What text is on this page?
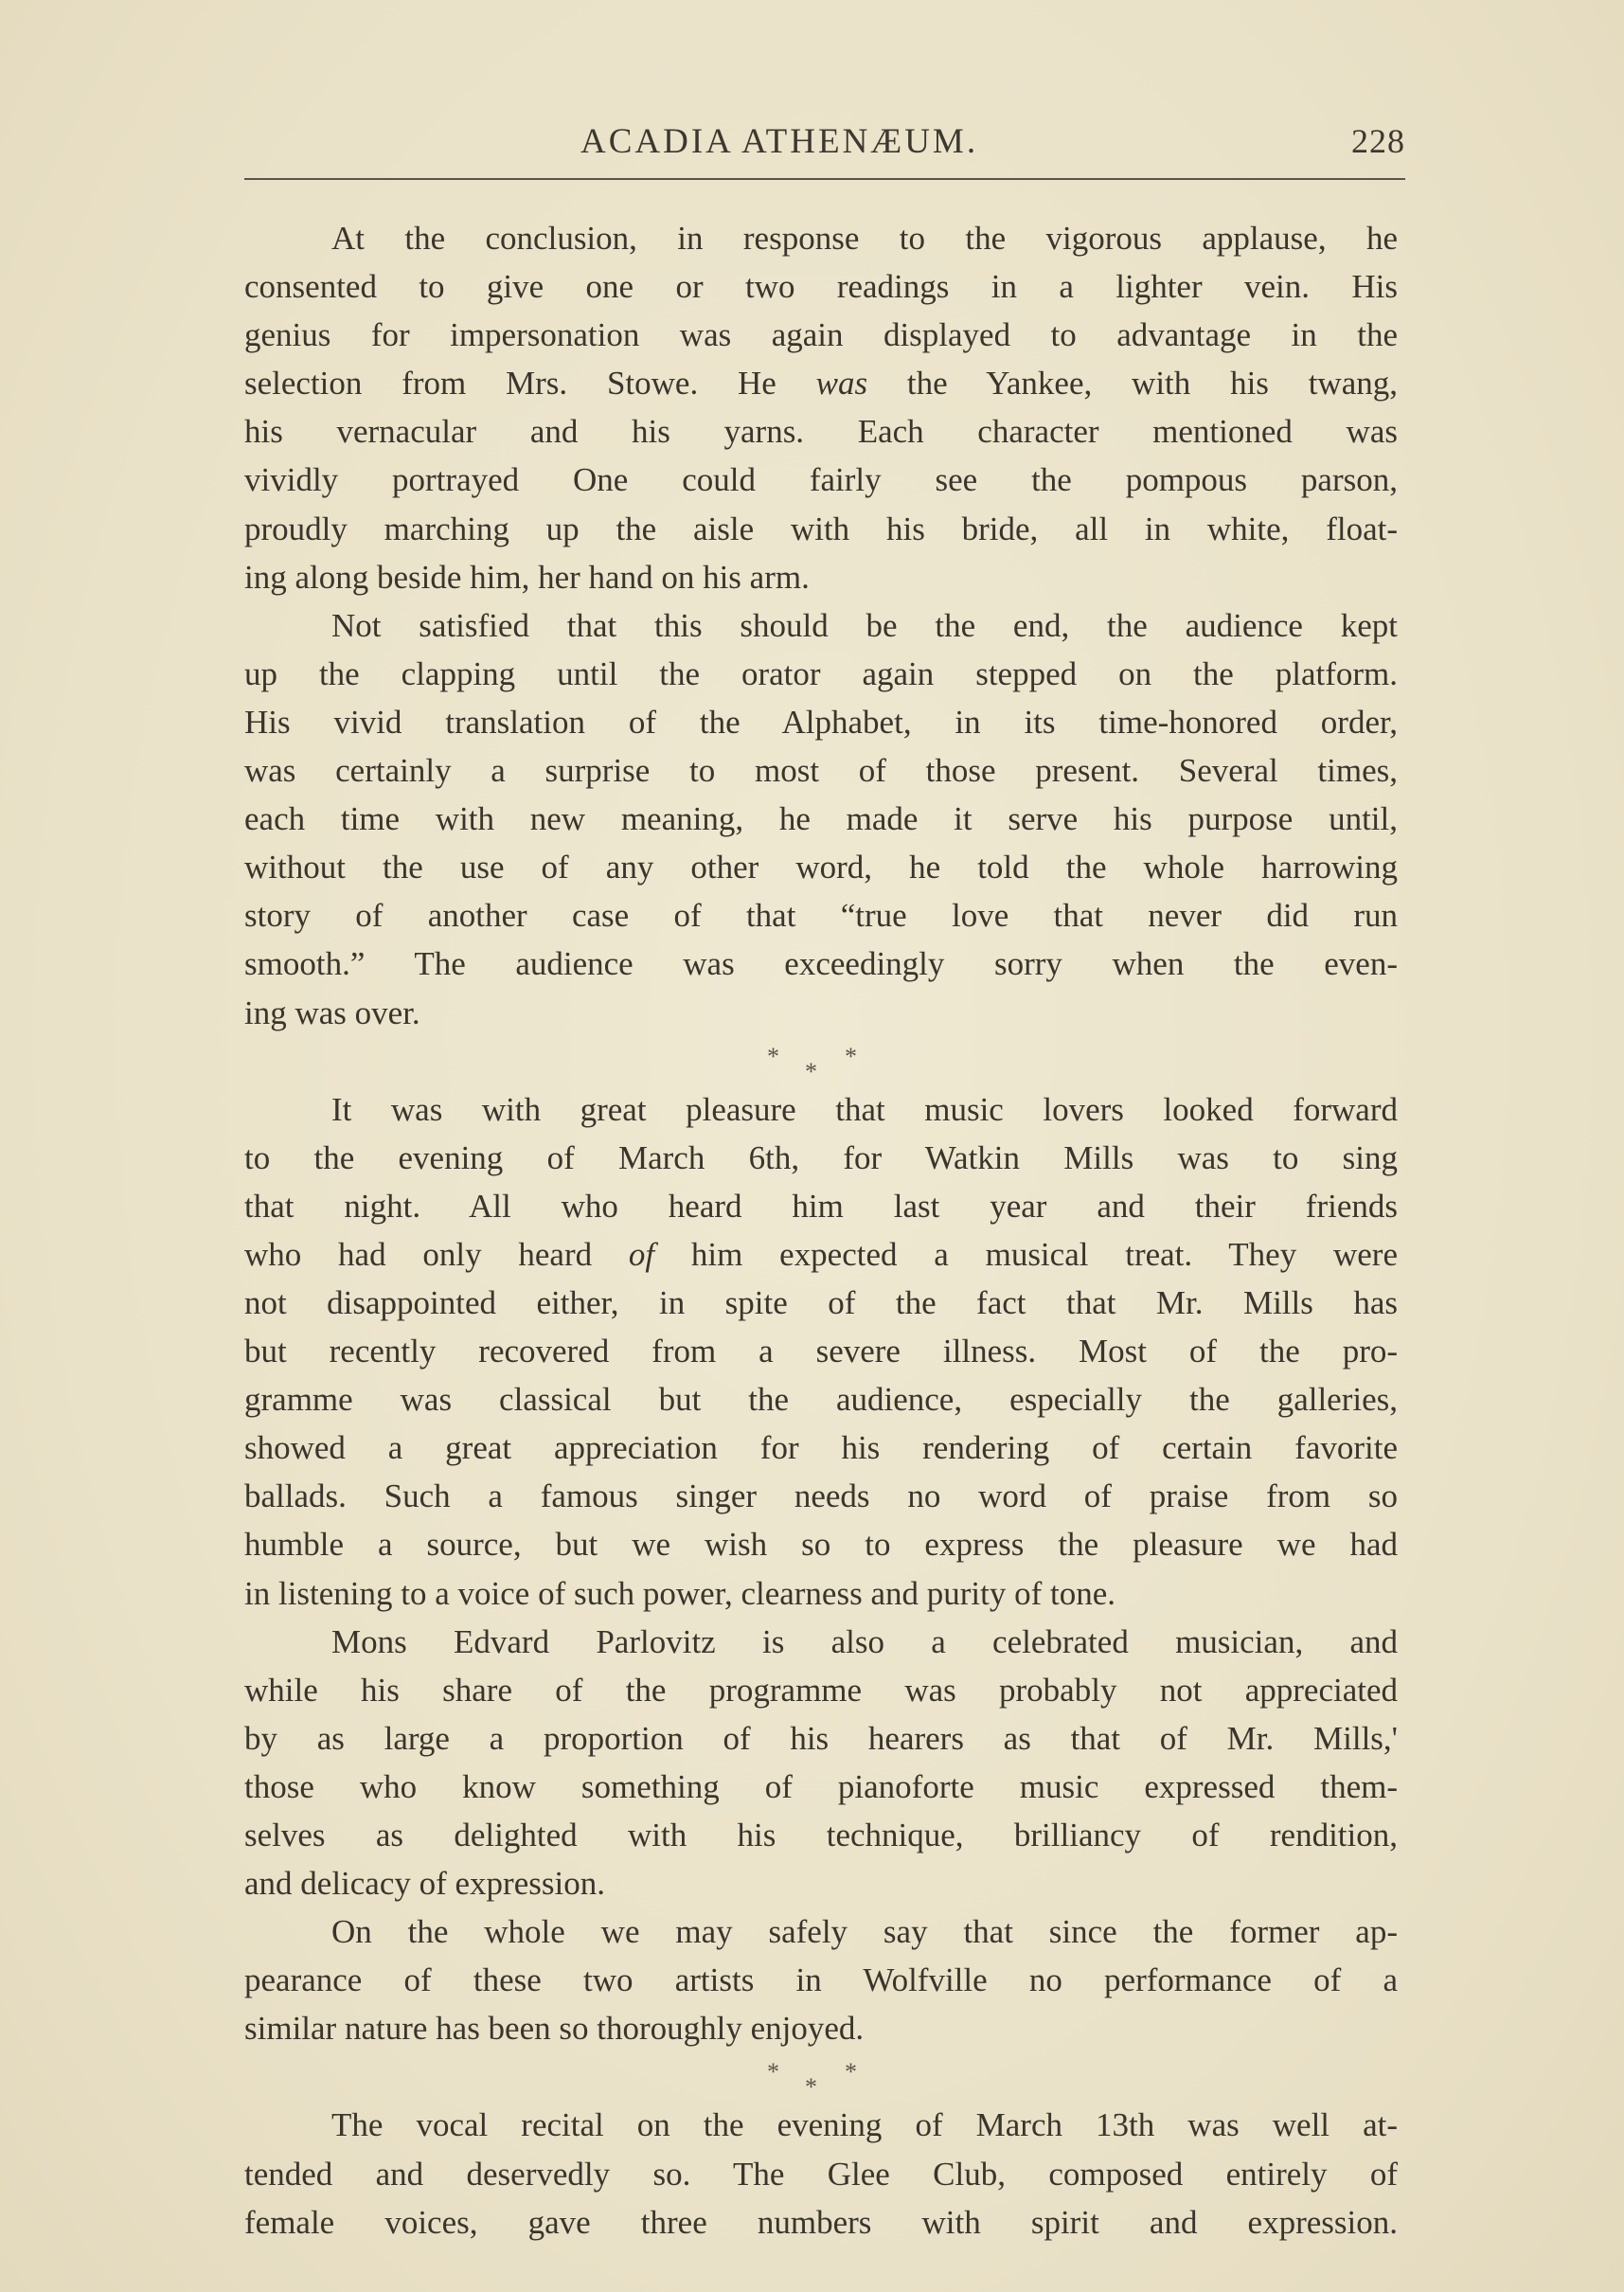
ACADIA ATHENÆUM.	228
At the conclusion, in response to the vigorous applause, he
consented to give one or two readings in a lighter vein. His
genius for impersonation was again displayed to advantage in the
selection from Mrs. Stowe. He was the Yankee, with his twang,
his vernacular and his yarns. Each character mentioned was
vividly portrayed One could fairly see the pompous parson,
proudly marching up the aisle with his bride, all in white, float-
ing along beside him, her hand on his arm.
Not satisfied that this should be the end, the audience kept
up the clapping until the orator again stepped on the platform.
His vivid translation of the Alphabet, in its time-honored order,
was certainly a surprise to most of those present. Several times,
each time with new meaning, he made it serve his purpose until,
without the use of any other word, he told the whole harrowing
story of another case of that “true love that never did run
smooth.” The audience was exceedingly sorry when the even-
ing was over.
*	*
*
It was with great pleasure that music lovers looked forward
to the evening of March 6th, for Watkin Mills was to sing
that night. All who heard him last year and their friends
who had only heard of him expected a musical treat. They were
not disappointed either, in spite of the fact that Mr. Mills has
but recently recovered from a severe illness. Most of the pro-
gramme was classical but the audience, especially the galleries,
showed a great appreciation for his rendering of certain favorite
ballads. Such a famous singer needs no word of praise from so
humble a source, but we wish so to express the pleasure we had
in listening to a voice of such power, clearness and purity of tone.
Mons Edvard Parlovitz is also a celebrated musician, and
while his share of the programme was probably not appreciated
by as large a proportion of his hearers as that of Mr. Mills,'
those who know something of pianoforte music expressed them-
selves as delighted with his technique, brilliancy of rendition,
and delicacy of expression.
On the whole we may safely say that since the former ap-
pearance of these two artists in Wolfville no performance of a
similar nature has been so thoroughly enjoyed.
*	*
*
The vocal recital on the evening of March 13th was well at-
tended and deservedly so. The Glee Club, composed entirely of
female voices, gave three numbers with spirit and expression.
